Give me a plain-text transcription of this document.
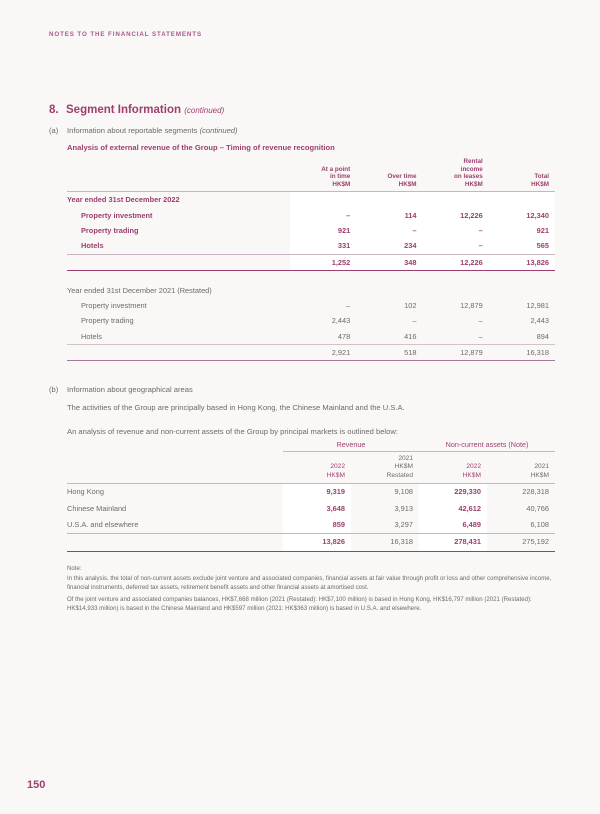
NOTES TO THE FINANCIAL STATEMENTS
8. Segment Information (continued)
(a) Information about reportable segments (continued)
Analysis of external revenue of the Group – Timing of revenue recognition
	At a point
in time
HK$M	Over time
HK$M	Rental
income
on leases
HK$M	Total
HK$M
Year ended 31st December 2022				
Property investment	–	114	12,226	12,340
Property trading	921	–	–	921
Hotels	331	234	–	565
	1,252	348	12,226	13,826

Year ended 31st December 2021 (Restated)				
Property investment	–	102	12,879	12,981
Property trading	2,443	–	–	2,443
Hotels	478	416	–	894
	2,921	518	12,879	16,318
(b) Information about geographical areas
The activities of the Group are principally based in Hong Kong, the Chinese Mainland and the U.S.A.
An analysis of revenue and non-current assets of the Group by principal markets is outlined below:
	Revenue		Non-current assets (Note)	
	2022
HK$M	2021
HK$M
Restated	2022
HK$M	2021
HK$M
Hong Kong	9,319	9,108	229,330	228,318
Chinese Mainland	3,648	3,913	42,612	40,766
U.S.A. and elsewhere	859	3,297	6,489	6,108
	13,826	16,318	278,431	275,192
Note:

In this analysis, the total of non-current assets exclude joint venture and associated companies, financial assets at fair value through profit or loss and other comprehensive income, financial instruments, deferred tax assets, retirement benefit assets and other financial assets at amortised cost.

Of the joint venture and associated companies balances, HK$7,668 million (2021 (Restated): HK$7,100 million) is based in Hong Kong, HK$16,797 million (2021 (Restated): HK$14,933 million) is based in the Chinese Mainland and HK$597 million (2021: HK$363 million) is based in U.S.A. and elsewhere.

150
